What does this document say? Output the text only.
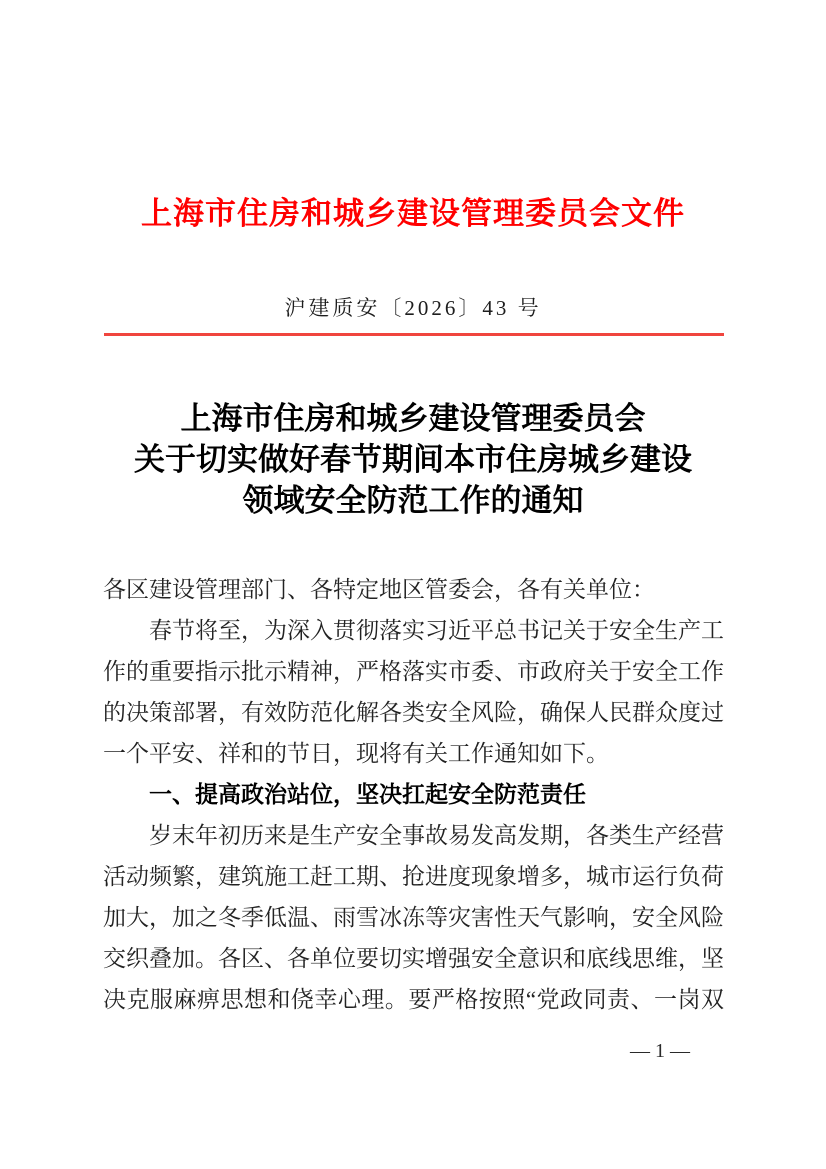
上海市住房和城乡建设管理委员会文件
沪建质安〔2026〕43 号
上海市住房和城乡建设管理委员会
关于切实做好春节期间本市住房城乡建设
领域安全防范工作的通知

各区建设管理部门、各特定地区管委会，各有关单位：

春节将至，为深入贯彻落实习近平总书记关于安全生产工作的重要指示批示精神，严格落实市委、市政府关于安全工作的决策部署，有效防范化解各类安全风险，确保人民群众度过一个平安、祥和的节日，现将有关工作通知如下。

一、提高政治站位，坚决扛起安全防范责任

岁末年初历来是生产安全事故易发高发期，各类生产经营活动频繁，建筑施工赶工期、抢进度现象增多，城市运行负荷加大，加之冬季低温、雨雪冰冻等灾害性天气影响，安全风险交织叠加。各区、各单位要切实增强安全意识和底线思维，坚决克服麻痹思想和侥幸心理。要严格按照“党政同责、一岗双

— 1 —
